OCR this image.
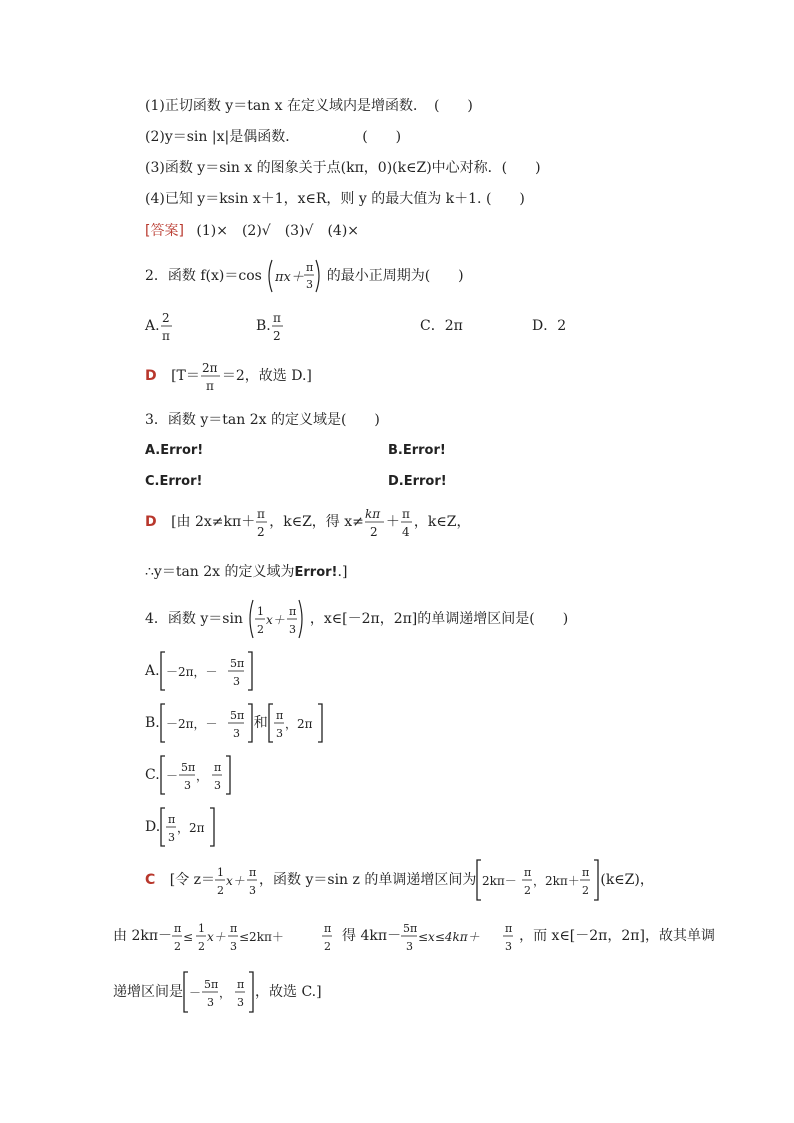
(1)正切函数 y＝tan x 在定义域内是增函数．　(　　)
(2)y＝sin |x|是偶函数．　　　　　(　　)
(3)函数 y＝sin x 的图象关于点(kπ，0)(k∈Z)中心对称．(　　)
(4)已知 y＝ksin x＋1，x∈R，则 y 的最大值为 k＋1. (　　)
[答案] (1)×　(2)√　(3)√　(4)×
2．函数 f(x)＝cos πx＋
π
3
的最小正周期为(　　)
A. 2
π
B. π
2
C．2π	D．2
D [T＝ 2π
π
＝2，故选 D.]
3．函数 y＝tan 2x 的定义域是(　　)
A.Error!	B.Error!
C.Error!	D.Error!
D [由 2x≠kπ＋ π
2
，k∈Z，得 x≠ kπ
2
＋ π
4
，k∈Z，
∴y＝tan 2x 的定义域为Error!.]
4．函数 y＝sin 1
2
x＋
π
3
，x∈[－2π，2π]的单调递增区间是(　　)
A. －2π，－
5π
3
B. －2π，－
5π
3
和 π
3
，2π
C. －
5π
3
，
π
3
D. π
3
，2π
C [令 z＝ 1
2
x＋
π
3
，函数 y＝sin z 的单调递增区间为 2kπ－
π
2
，2kπ＋
π
2
(k∈Z)，
由 2kπ－ π
2
≤
1
2
x＋
π
3
≤2kπ＋
π
2
得 4kπ－ 5π
3
≤x≤4kπ＋
π
3
，而 x∈[－2π，2π]，故其单调
递增区间是 －
5π
3
，
π
3
，故选 C.]
